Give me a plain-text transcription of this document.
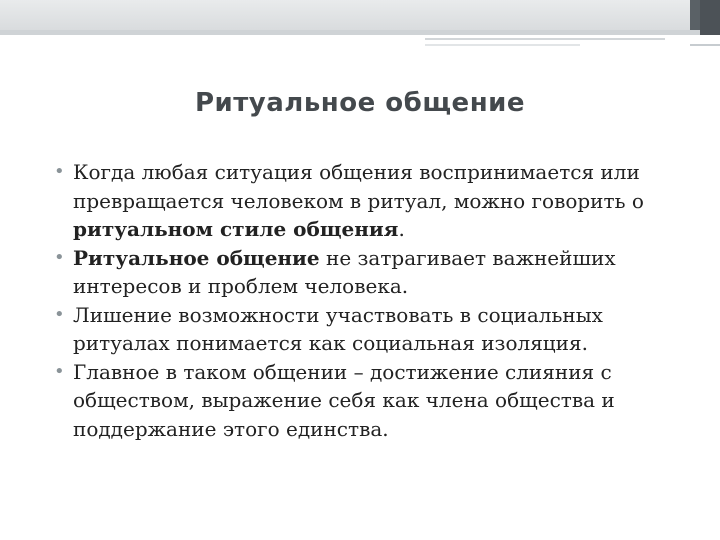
Ритуальное общение

• Когда любая ситуация общения воспринимается или превращается человеком в ритуал, можно говорить о ритуальном стиле общения.

• Ритуальное общение не затрагивает важнейших интересов и проблем человека.

• Лишение возможности участвовать в социальных ритуалах понимается как социальная изоляция.

• Главное в таком общении – достижение слияния с обществом, выражение себя как члена общества и поддержание этого единства.
